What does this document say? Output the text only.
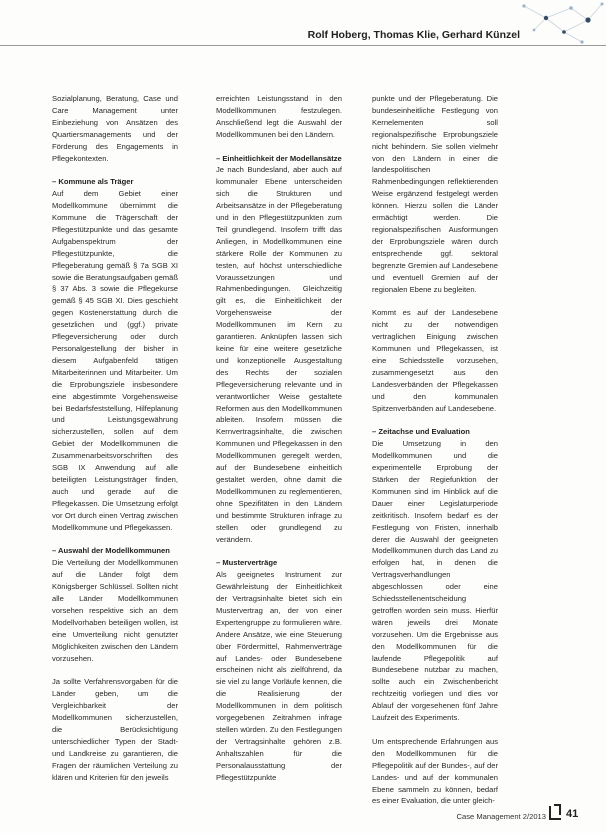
Rolf Hoberg, Thomas Klie, Gerhard Künzel

Sozialplanung, Beratung, Case und Care Management unter Einbeziehung von Ansätzen des Quartiersmanagements und der Förderung des Engagements in Pflegekontexten.

– Kommune als Träger

Auf dem Gebiet einer Modellkommune übernimmt die Kommune die Trägerschaft der Pflegestützpunkte und das gesamte Aufgabenspektrum der Pflegestützpunkte, die Pflegeberatung gemäß § 7a SGB XI sowie die Beratungsaufgaben gemäß § 37 Abs. 3 sowie die Pflegekurse gemäß § 45 SGB XI. Dies geschieht gegen Kostenerstattung durch die gesetzlichen und (ggf.) private Pflegeversicherung oder durch Personalgestellung der bisher in diesem Aufgabenfeld tätigen Mitarbeiterinnen und Mitarbeiter. Um die Erprobungsziele insbesondere eine abgestimmte Vorgehensweise bei Bedarfsfeststellung, Hilfeplanung und Leistungsgewährung sicherzustellen, sollen auf dem Gebiet der Modellkommunen die Zusammenarbeitsvorschriften des SGB IX Anwendung auf alle beteiligten Leistungsträger finden, auch und gerade auf die Pflegekassen. Die Umsetzung erfolgt vor Ort durch einen Vertrag zwischen Modellkommune und Pflegekassen.

– Auswahl der Modellkommunen

Die Verteilung der Modellkommunen auf die Länder folgt dem Königsberger Schlüssel. Sollten nicht alle Länder Modellkommunen vorsehen respektive sich an dem Modellvorhaben beteiligen wollen, ist eine Umverteilung nicht genutzter Möglichkeiten zwischen den Ländern vorzusehen.

Ja sollte Verfahrensvorgaben für die Länder geben, um die Vergleichbarkeit der Modellkommunen sicherzustellen, die Berücksichtigung unterschiedlicher Typen der Stadt- und Landkreise zu garantieren, die Fragen der räumlichen Verteilung zu klären und Kriterien für den jeweils

erreichten Leistungsstand in den Modellkommunen festzulegen. Anschließend legt die Auswahl der Modellkommunen bei den Ländern.

– Einheitlichkeit der Modellansätze

Je nach Bundesland, aber auch auf kommunaler Ebene unterscheiden sich die Strukturen und Arbeitsansätze in der Pflegeberatung und in den Pflegestützpunkten zum Teil grundlegend. Insofern trifft das Anliegen, in Modellkommunen eine stärkere Rolle der Kommunen zu testen, auf höchst unterschiedliche Voraussetzungen und Rahmenbedingungen. Gleichzeitig gilt es, die Einheitlichkeit der Vorgehensweise der Modellkommunen im Kern zu garantieren. Anknüpfen lassen sich keine für eine weitere gesetzliche und konzeptionelle Ausgestaltung des Rechts der sozialen Pflegeversicherung relevante und in verantwortlicher Weise gestaltete Reformen aus den Modellkommunen ableiten. Insofern müssen die Kernvertragsinhalte, die zwischen Kommunen und Pflegekassen in den Modellkommunen geregelt werden, auf der Bundesebene einheitlich gestaltet werden, ohne damit die Modellkommunen zu reglementieren, ohne Spezifitäten in den Ländern und bestimmte Strukturen infrage zu stellen oder grundlegend zu verändern.

– Musterverträge

Als geeignetes Instrument zur Gewährleistung der Einheitlichkeit der Vertragsinhalte bietet sich ein Mustervertrag an, der von einer Expertengruppe zu formulieren wäre. Andere Ansätze, wie eine Steuerung über Fördermittel, Rahmenverträge auf Landes- oder Bundesebene erscheinen nicht als zielführend, da sie viel zu lange Vorläufe kennen, die die Realisierung der Modellkommunen in dem politisch vorgegebenen Zeitrahmen infrage stellen würden. Zu den Festlegungen der Vertragsinhalte gehören z.B. Anhaltszahlen für die Personalausstattung der Pflegestützpunkte

punkte und der Pflegeberatung. Die bundeseinheitliche Festlegung von Kernelementen soll regionalspezifische Erprobungsziele nicht behindern. Sie sollen vielmehr von den Ländern in einer die landespolitischen Rahmenbedingungen reflektierenden Weise ergänzend festgelegt werden können. Hierzu sollen die Länder ermächtigt werden. Die regionalspezifischen Ausformungen der Erprobungsziele wären durch entsprechende ggf. sektoral begrenzte Gremien auf Landesebene und eventuell Gremien auf der regionalen Ebene zu begleiten.

Kommt es auf der Landesebene nicht zu der notwendigen vertraglichen Einigung zwischen Kommunen und Pflegekassen, ist eine Schiedsstelle vorzusehen, zusammengesetzt aus den Landesverbänden der Pflegekassen und den kommunalen Spitzenverbänden auf Landesebene.

– Zeitachse und Evaluation

Die Umsetzung in den Modellkommunen und die experimentelle Erprobung der Stärken der Regiefunktion der Kommunen sind im Hinblick auf die Dauer einer Legislaturperiode zeitkritisch. Insofern bedarf es der Festlegung von Fristen, innerhalb derer die Auswahl der geeigneten Modellkommunen durch das Land zu erfolgen hat, in denen die Vertragsverhandlungen abgeschlossen oder eine Schiedsstellenentscheidung getroffen worden sein muss. Hierfür wären jeweils drei Monate vorzusehen. Um die Ergebnisse aus den Modellkommunen für die laufende Pflegepolitik auf Bundesebene nutzbar zu machen, sollte auch ein Zwischenbericht rechtzeitig vorliegen und dies vor Ablauf der vorgesehenen fünf Jahre Laufzeit des Experiments.

Um entsprechende Erfahrungen aus den Modellkommunen für die Pflegepolitik auf der Bundes-, auf der Landes- und auf der kommunalen Ebene sammeln zu können, bedarf es einer Evaluation, die unter gleich-

Case Management 2/2013 41
